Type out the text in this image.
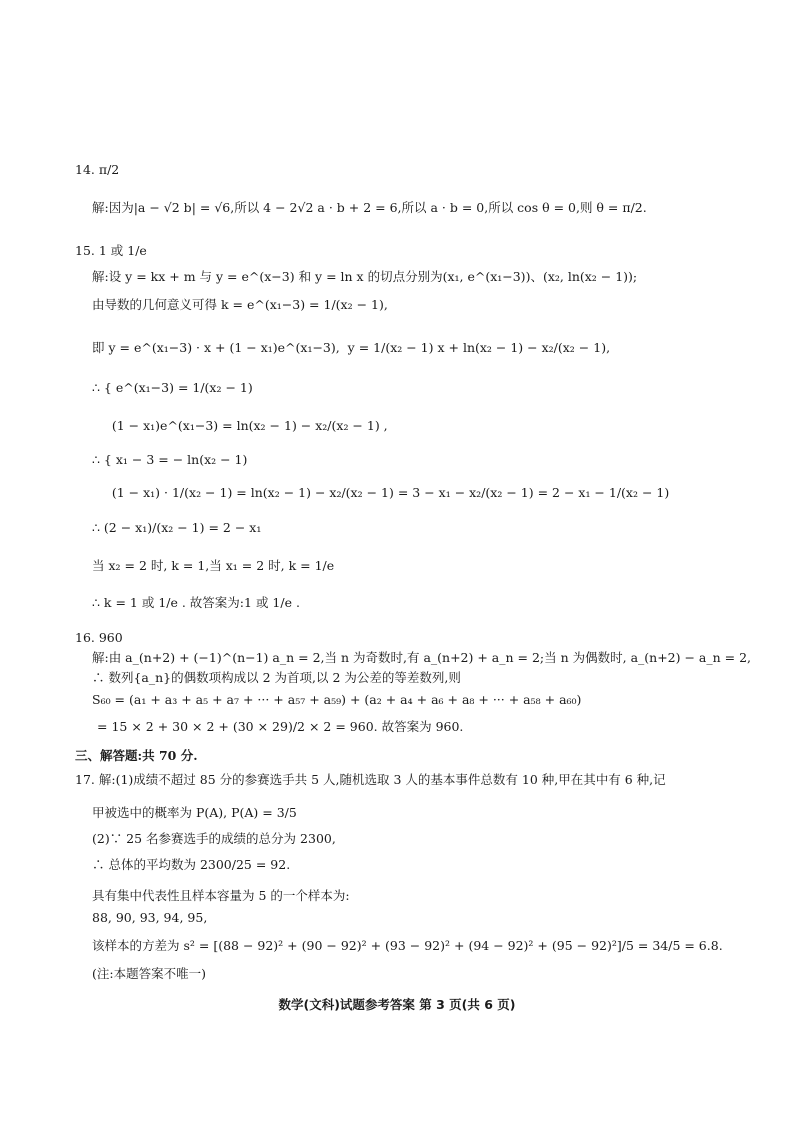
14. π/2
解:因为|a − √2 b| = √6,所以 4 − 2√2 a · b + 2 = 6,所以 a · b = 0,所以 cos θ = 0,则 θ = π/2.
15. 1 或 1/e
解:设 y = kx + m 与 y = e^(x−3) 和 y = ln x 的切点分别为(x₁, e^(x₁−3))、(x₂, ln(x₂ − 1));
由导数的几何意义可得 k = e^(x₁−3) = 1/(x₂ − 1),
即 y = e^(x₁−3) · x + (1 − x₁)e^(x₁−3),  y = 1/(x₂ − 1) x + ln(x₂ − 1) − x₂/(x₂ − 1),
∴ { e^(x₁−3) = 1/(x₂ − 1)
(1 − x₁)e^(x₁−3) = ln(x₂ − 1) − x₂/(x₂ − 1) ,
∴ { x₁ − 3 = − ln(x₂ − 1)
(1 − x₁) · 1/(x₂ − 1) = ln(x₂ − 1) − x₂/(x₂ − 1) = 3 − x₁ − x₂/(x₂ − 1) = 2 − x₁ − 1/(x₂ − 1)
∴ (2 − x₁)/(x₂ − 1) = 2 − x₁
当 x₂ = 2 时, k = 1,当 x₁ = 2 时, k = 1/e
∴ k = 1 或 1/e . 故答案为:1 或 1/e .
16. 960
解:由 a_(n+2) + (−1)^(n−1) a_n = 2,当 n 为奇数时,有 a_(n+2) + a_n = 2;当 n 为偶数时, a_(n+2) − a_n = 2,
∴ 数列{a_n}的偶数项构成以 2 为首项,以 2 为公差的等差数列,则
S₆₀ = (a₁ + a₃ + a₅ + a₇ + ··· + a₅₇ + a₅₉) + (a₂ + a₄ + a₆ + a₈ + ··· + a₅₈ + a₆₀)
= 15 × 2 + 30 × 2 + (30 × 29)/2 × 2 = 960. 故答案为 960.
三、解答题:共 70 分.
17. 解:(1)成绩不超过 85 分的参赛选手共 5 人,随机选取 3 人的基本事件总数有 10 种,甲在其中有 6 种,记
甲被选中的概率为 P(A), P(A) = 3/5
(2)∵ 25 名参赛选手的成绩的总分为 2300,
∴ 总体的平均数为 2300/25 = 92.
具有集中代表性且样本容量为 5 的一个样本为:
88, 90, 93, 94, 95,
该样本的方差为 s² = [(88 − 92)² + (90 − 92)² + (93 − 92)² + (94 − 92)² + (95 − 92)²]/5 = 34/5 = 6.8.
(注:本题答案不唯一)
数学(文科)试题参考答案 第 3 页(共 6 页)
